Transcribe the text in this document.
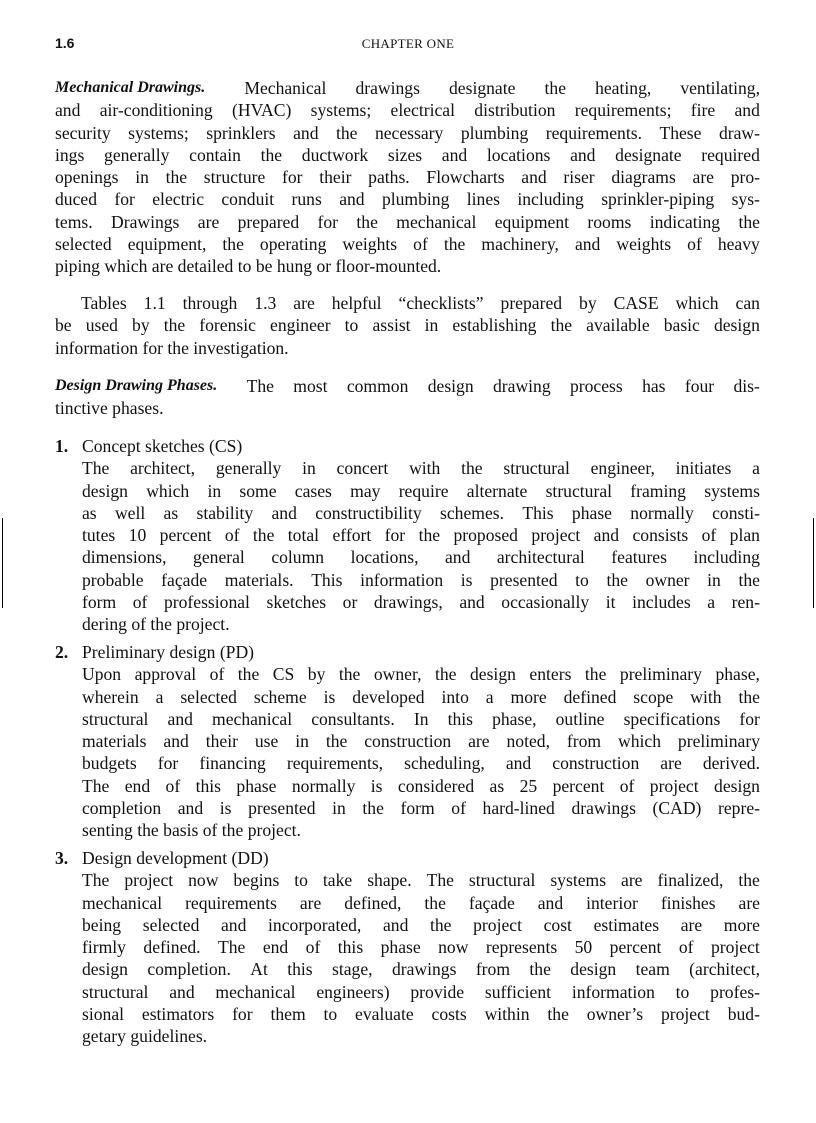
1.6	CHAPTER ONE
Mechanical Drawings. Mechanical drawings designate the heating, ventilating,
and air-conditioning (HVAC) systems; electrical distribution requirements; fire and
security systems; sprinklers and the necessary plumbing requirements. These draw-
ings generally contain the ductwork sizes and locations and designate required
openings in the structure for their paths. Flowcharts and riser diagrams are pro-
duced for electric conduit runs and plumbing lines including sprinkler-piping sys-
tems. Drawings are prepared for the mechanical equipment rooms indicating the
selected equipment, the operating weights of the machinery, and weights of heavy
piping which are detailed to be hung or floor-mounted.
Tables 1.1 through 1.3 are helpful “checklists” prepared by CASE which can
be used by the forensic engineer to assist in establishing the available basic design
information for the investigation.
Design Drawing Phases. The most common design drawing process has four dis-
tinctive phases.
1. Concept sketches (CS)
The architect, generally in concert with the structural engineer, initiates a
design which in some cases may require alternate structural framing systems
as well as stability and constructibility schemes. This phase normally consti-
tutes 10 percent of the total effort for the proposed project and consists of plan
dimensions, general column locations, and architectural features including
probable façade materials. This information is presented to the owner in the
form of professional sketches or drawings, and occasionally it includes a ren-
dering of the project.
2. Preliminary design (PD)
Upon approval of the CS by the owner, the design enters the preliminary phase,
wherein a selected scheme is developed into a more defined scope with the
structural and mechanical consultants. In this phase, outline specifications for
materials and their use in the construction are noted, from which preliminary
budgets for financing requirements, scheduling, and construction are derived.
The end of this phase normally is considered as 25 percent of project design
completion and is presented in the form of hard-lined drawings (CAD) repre-
senting the basis of the project.
3. Design development (DD)
The project now begins to take shape. The structural systems are finalized, the
mechanical requirements are defined, the façade and interior finishes are
being selected and incorporated, and the project cost estimates are more
firmly defined. The end of this phase now represents 50 percent of project
design completion. At this stage, drawings from the design team (architect,
structural and mechanical engineers) provide sufficient information to profes-
sional estimators for them to evaluate costs within the owner’s project bud-
getary guidelines.
